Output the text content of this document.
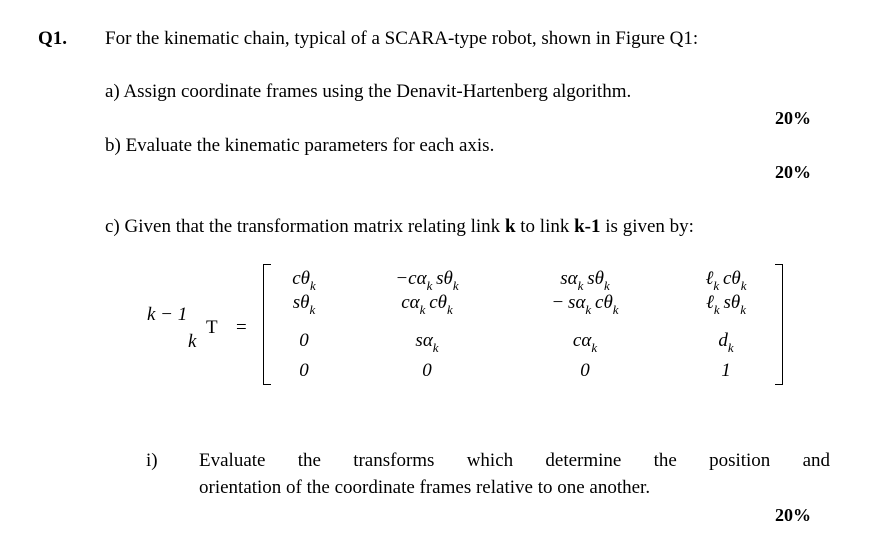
Q1. For the kinematic chain, typical of a SCARA-type robot, shown in Figure Q1:
a) Assign coordinate frames using the Denavit-Hartenberg algorithm.
20%
b) Evaluate the kinematic parameters for each axis.
20%
c) Given that the transformation matrix relating link k to link k-1 is given by:
k − 1
T
k
=
$c\theta_k$	$-c\alpha_k$  $s\theta_k$	$s\alpha_k$  $s\theta_k$	ℓ$_k$  $c\theta_k$
$s\theta_k$	$c\alpha_k$  $c\theta_k$	−  $s\alpha_k$  $c\theta_k$	ℓ$_k$  $s\theta_k$
0	$s\alpha_k$	$c\alpha_k$	$d_k$
0	0	0	1
i) Evaluate the transforms which determine the position and
orientation of the coordinate frames relative to one another.
20%
